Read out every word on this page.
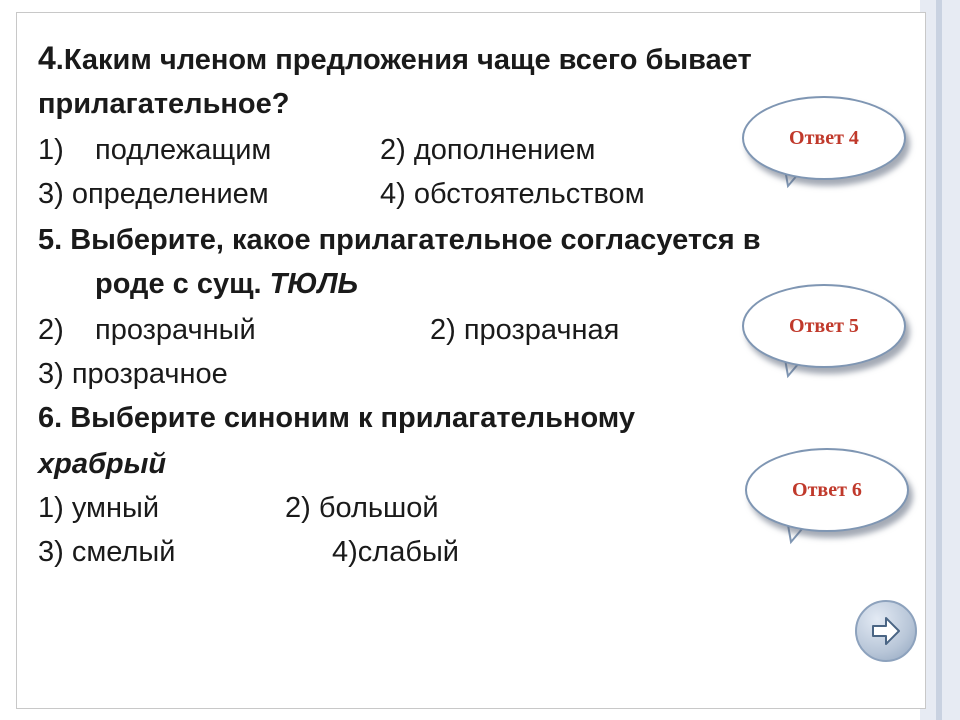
4.Каким членом предложения чаще всего бывает
прилагательное?
1) подлежащим	2) дополнением
3) определением	4) обстоятельством
5. Выберите, какое прилагательное согласуется в
роде с сущ. ТЮЛЬ
2) прозрачный	2) прозрачная
3) прозрачное
6. Выберите синоним к прилагательному
храбрый
1) умный	2) большой
3) смелый	4)слабый
Ответ 4
Ответ 5
Ответ 6
